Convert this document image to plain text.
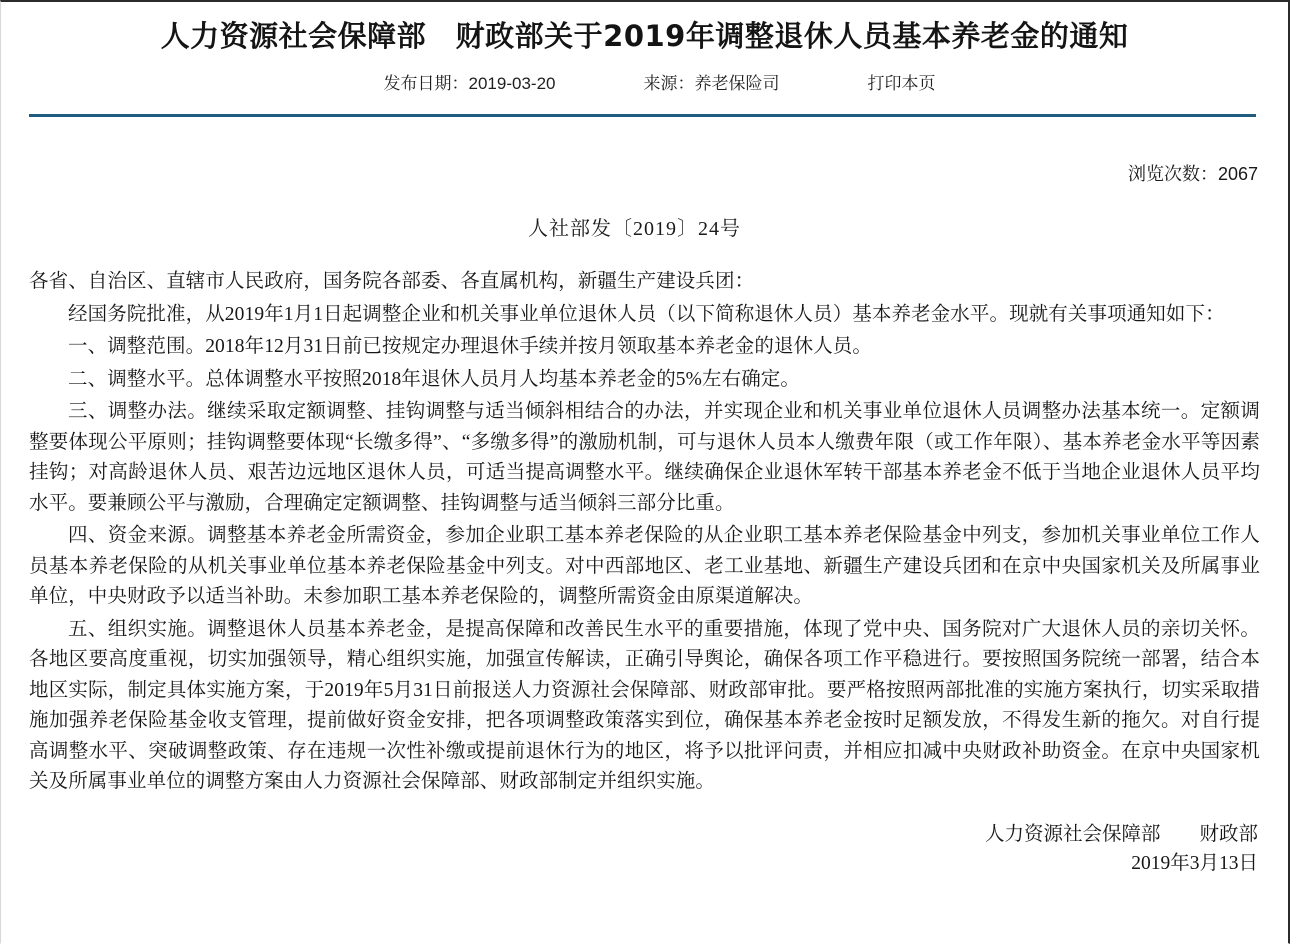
人力资源社会保障部　财政部关于2019年调整退休人员基本养老金的通知
发布日期：2019-03-20	来源：养老保险司	打印本页
浏览次数：2067
人社部发〔2019〕24号

各省、自治区、直辖市人民政府，国务院各部委、各直属机构，新疆生产建设兵团：

经国务院批准，从2019年1月1日起调整企业和机关事业单位退休人员（以下简称退休人员）基本养老金水平。现就有关事项通知如下：

一、调整范围。2018年12月31日前已按规定办理退休手续并按月领取基本养老金的退休人员。

二、调整水平。总体调整水平按照2018年退休人员月人均基本养老金的5%左右确定。

三、调整办法。继续采取定额调整、挂钩调整与适当倾斜相结合的办法，并实现企业和机关事业单位退休人员调整办法基本统一。定额调整要体现公平原则；挂钩调整要体现“长缴多得”、“多缴多得”的激励机制，可与退休人员本人缴费年限（或工作年限）、基本养老金水平等因素挂钩；对高龄退休人员、艰苦边远地区退休人员，可适当提高调整水平。继续确保企业退休军转干部基本养老金不低于当地企业退休人员平均水平。要兼顾公平与激励，合理确定定额调整、挂钩调整与适当倾斜三部分比重。

四、资金来源。调整基本养老金所需资金，参加企业职工基本养老保险的从企业职工基本养老保险基金中列支，参加机关事业单位工作人员基本养老保险的从机关事业单位基本养老保险基金中列支。对中西部地区、老工业基地、新疆生产建设兵团和在京中央国家机关及所属事业单位，中央财政予以适当补助。未参加职工基本养老保险的，调整所需资金由原渠道解决。

五、组织实施。调整退休人员基本养老金，是提高保障和改善民生水平的重要措施，体现了党中央、国务院对广大退休人员的亲切关怀。各地区要高度重视，切实加强领导，精心组织实施，加强宣传解读，正确引导舆论，确保各项工作平稳进行。要按照国务院统一部署，结合本地区实际，制定具体实施方案，于2019年5月31日前报送人力资源社会保障部、财政部审批。要严格按照两部批准的实施方案执行，切实采取措施加强养老保险基金收支管理，提前做好资金安排，把各项调整政策落实到位，确保基本养老金按时足额发放，不得发生新的拖欠。对自行提高调整水平、突破调整政策、存在违规一次性补缴或提前退休行为的地区，将予以批评问责，并相应扣减中央财政补助资金。在京中央国家机关及所属事业单位的调整方案由人力资源社会保障部、财政部制定并组织实施。

人力资源社会保障部　　财政部
2019年3月13日
